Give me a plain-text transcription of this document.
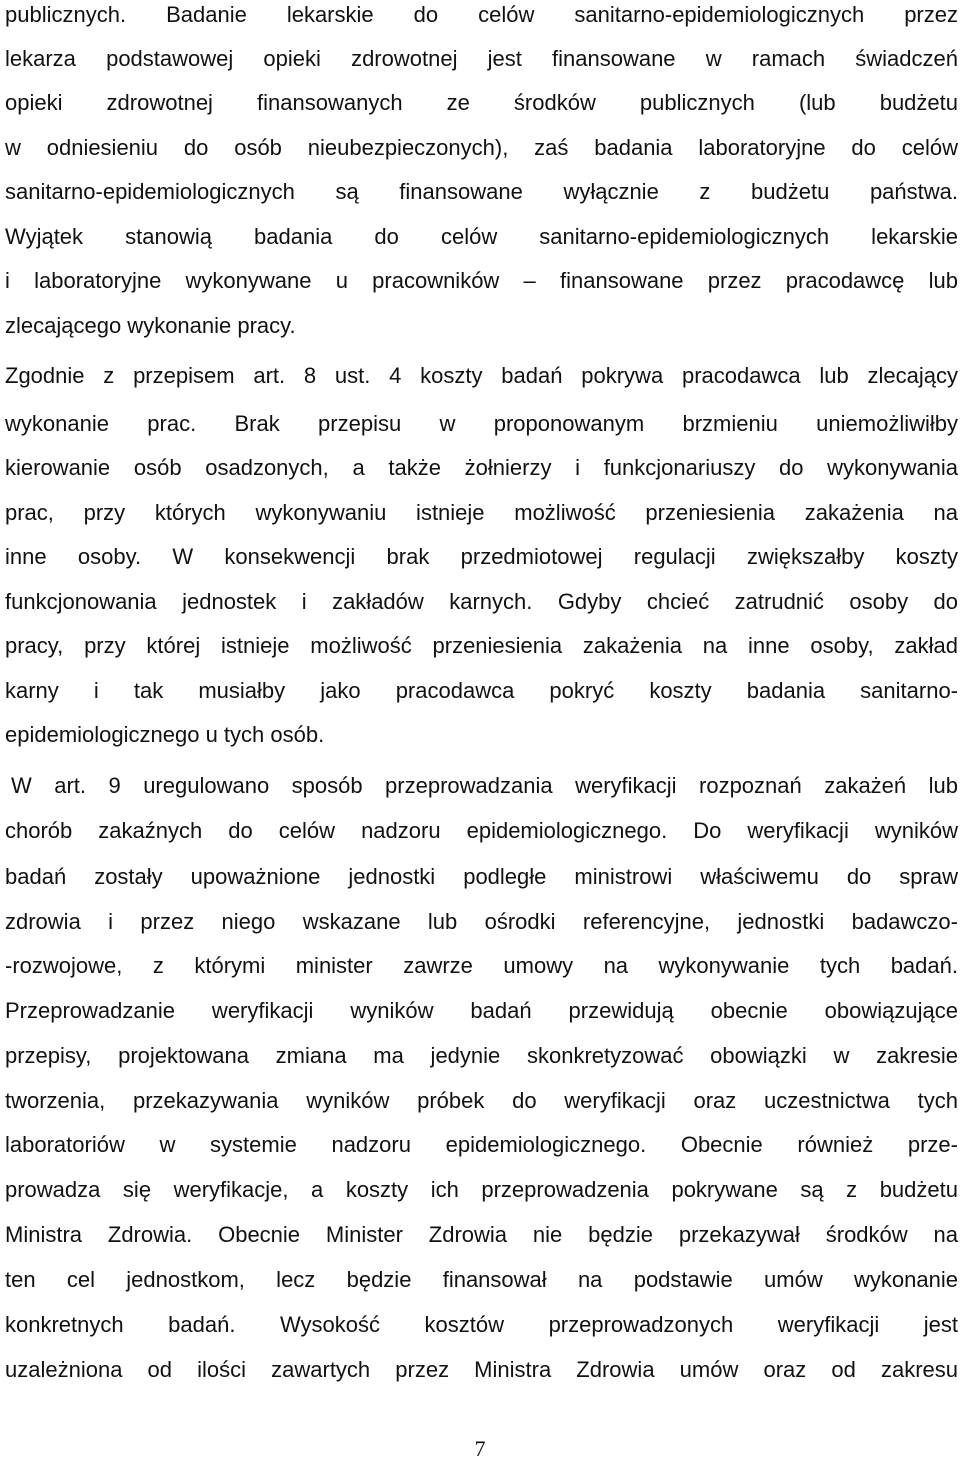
publicznych. Badanie lekarskie do celów sanitarno-epidemiologicznych przez
lekarza podstawowej opieki zdrowotnej jest finansowane w ramach świadczeń
opieki zdrowotnej finansowanych ze środków publicznych (lub budżetu
w odniesieniu do osób nieubezpieczonych), zaś badania laboratoryjne do celów
sanitarno-epidemiologicznych są finansowane wyłącznie z budżetu państwa.
Wyjątek stanowią badania do celów sanitarno-epidemiologicznych lekarskie
i laboratoryjne wykonywane u pracowników – finansowane przez pracodawcę lub
zlecającego wykonanie pracy.
Zgodnie z przepisem art. 8 ust. 4 koszty badań pokrywa pracodawca lub zlecający
wykonanie prac. Brak przepisu w proponowanym brzmieniu uniemożliwiłby
kierowanie osób osadzonych, a także żołnierzy i funkcjonariuszy do wykonywania
prac, przy których wykonywaniu istnieje możliwość przeniesienia zakażenia na
inne osoby. W konsekwencji brak przedmiotowej regulacji zwiększałby koszty
funkcjonowania jednostek i zakładów karnych. Gdyby chcieć zatrudnić osoby do
pracy, przy której istnieje możliwość przeniesienia zakażenia na inne osoby, zakład
karny i tak musiałby jako pracodawca pokryć koszty badania sanitarno-
epidemiologicznego u tych osób.
W art. 9 uregulowano sposób przeprowadzania weryfikacji rozpoznań zakażeń lub
chorób zakaźnych do celów nadzoru epidemiologicznego. Do weryfikacji wyników
badań zostały upoważnione jednostki podległe ministrowi właściwemu do spraw
zdrowia i przez niego wskazane lub ośrodki referencyjne, jednostki badawczo-
-rozwojowe, z którymi minister zawrze umowy na wykonywanie tych badań.
Przeprowadzanie weryfikacji wyników badań przewidują obecnie obowiązujące
przepisy, projektowana zmiana ma jedynie skonkretyzować obowiązki w zakresie
tworzenia, przekazywania wyników próbek do weryfikacji oraz uczestnictwa tych
laboratoriów w systemie nadzoru epidemiologicznego. Obecnie również prze-
prowadza się weryfikacje, a koszty ich przeprowadzenia pokrywane są z budżetu
Ministra Zdrowia. Obecnie Minister Zdrowia nie będzie przekazywał środków na
ten cel jednostkom, lecz będzie finansował na podstawie umów wykonanie
konkretnych badań. Wysokość kosztów przeprowadzonych weryfikacji jest
uzależniona od ilości zawartych przez Ministra Zdrowia umów oraz od zakresu
7
